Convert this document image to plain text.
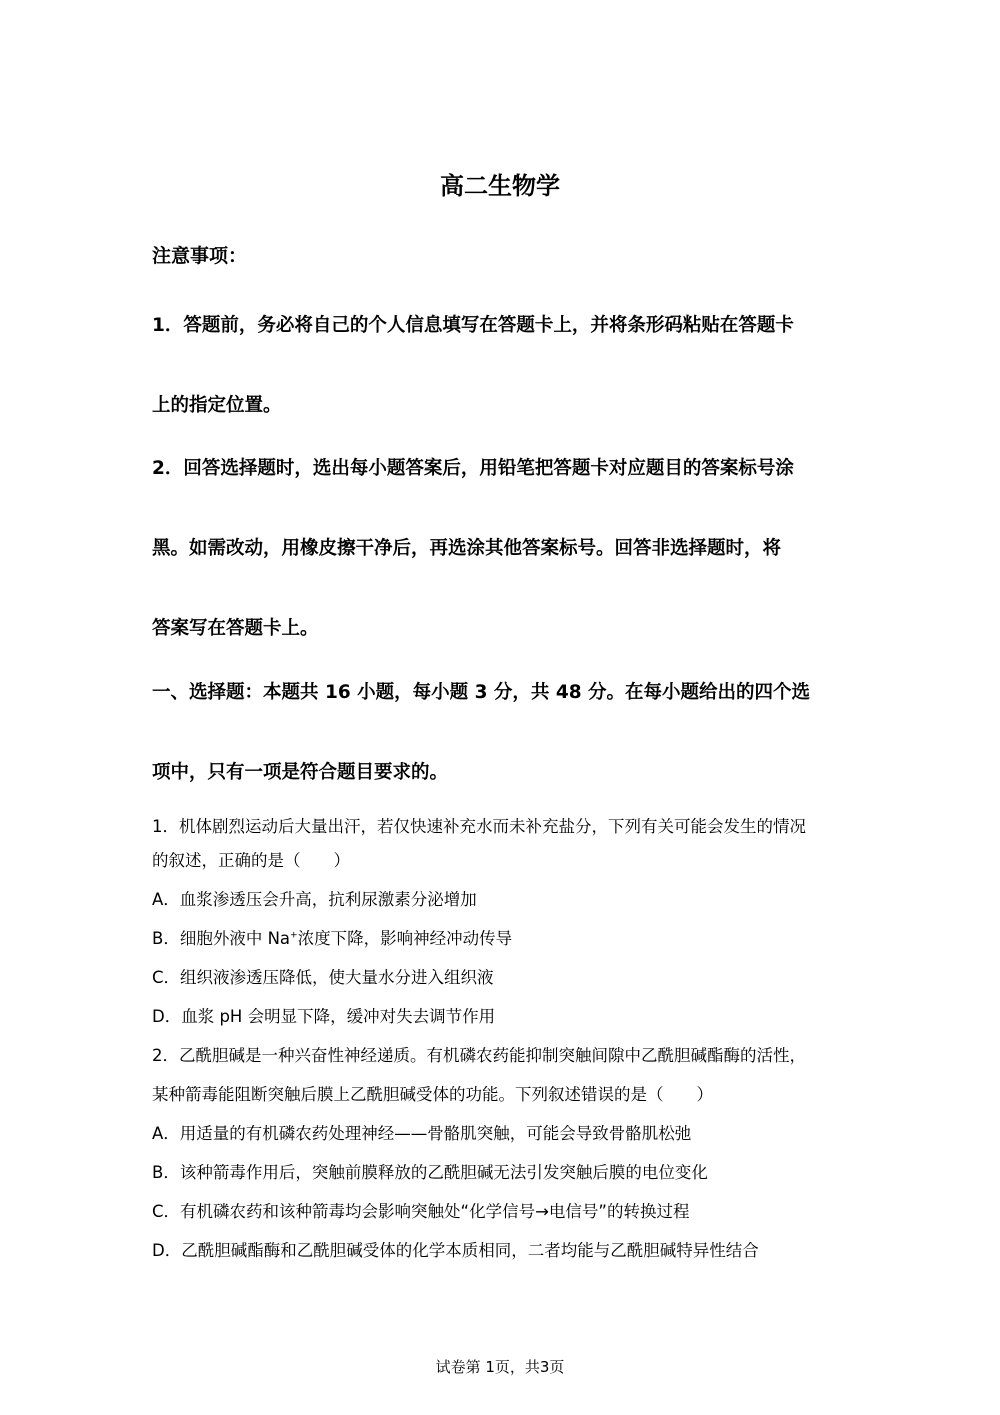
高二生物学
注意事项：
1．答题前，务必将自己的个人信息填写在答题卡上，并将条形码粘贴在答题卡
上的指定位置。
2．回答选择题时，选出每小题答案后，用铅笔把答题卡对应题目的答案标号涂
黑。如需改动，用橡皮擦干净后，再选涂其他答案标号。回答非选择题时，将
答案写在答题卡上。
一、选择题：本题共 16 小题，每小题 3 分，共 48 分。在每小题给出的四个选
项中，只有一项是符合题目要求的。
1．机体剧烈运动后大量出汗，若仅快速补充水而未补充盐分，下列有关可能会发生的情况
的叙述，正确的是（　　）
A．血浆渗透压会升高，抗利尿激素分泌增加
B．细胞外液中 Na+浓度下降，影响神经冲动传导
C．组织液渗透压降低，使大量水分进入组织液
D．血浆 pH 会明显下降，缓冲对失去调节作用
2．乙酰胆碱是一种兴奋性神经递质。有机磷农药能抑制突触间隙中乙酰胆碱酯酶的活性，
某种箭毒能阻断突触后膜上乙酰胆碱受体的功能。下列叙述错误的是（　　）
A．用适量的有机磷农药处理神经——骨骼肌突触，可能会导致骨骼肌松弛
B．该种箭毒作用后，突触前膜释放的乙酰胆碱无法引发突触后膜的电位变化
C．有机磷农药和该种箭毒均会影响突触处“化学信号→电信号”的转换过程
D．乙酰胆碱酯酶和乙酰胆碱受体的化学本质相同，二者均能与乙酰胆碱特异性结合
试卷第 1页，共3页
